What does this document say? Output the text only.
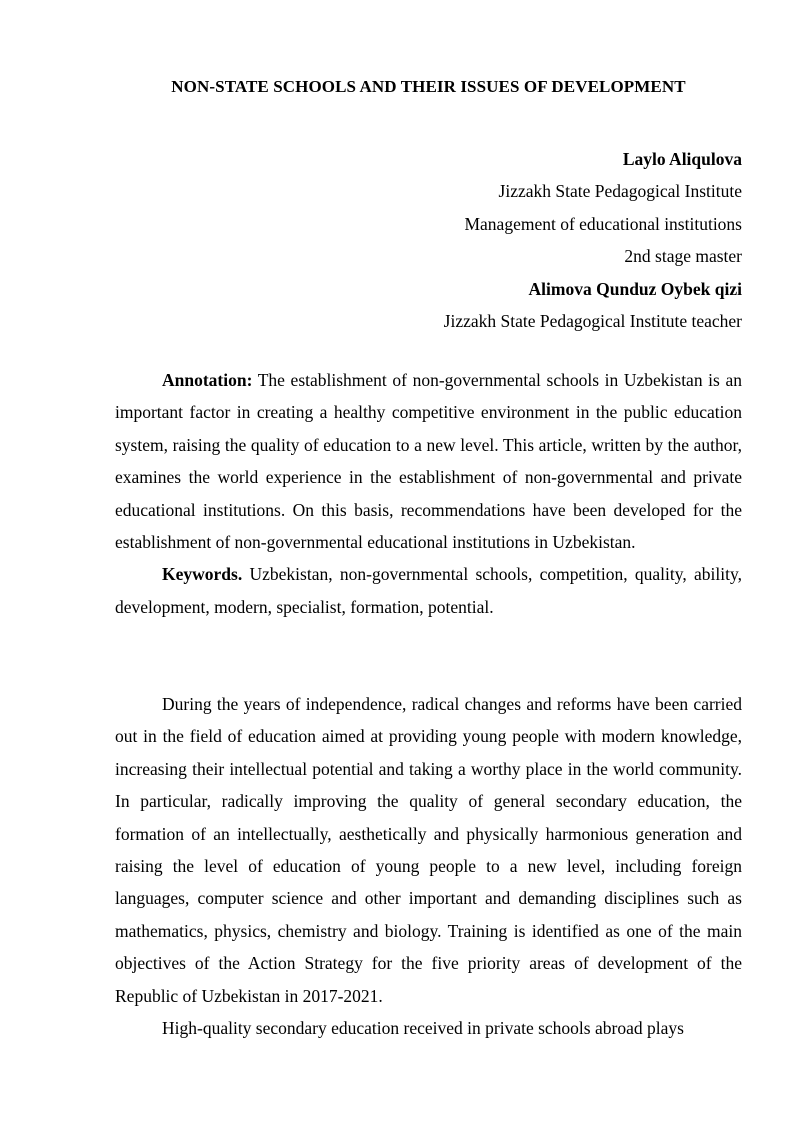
NON-STATE SCHOOLS AND THEIR ISSUES OF DEVELOPMENT
Laylo Aliqulova
Jizzakh State Pedagogical Institute
Management of educational institutions
2nd stage master
Alimova Qunduz Oybek qizi
Jizzakh State Pedagogical Institute teacher

Annotation: The establishment of non-governmental schools in Uzbekistan is an important factor in creating a healthy competitive environment in the public education system, raising the quality of education to a new level. This article, written by the author, examines the world experience in the establishment of non-governmental and private educational institutions. On this basis, recommendations have been developed for the establishment of non-governmental educational institutions in Uzbekistan.

Keywords. Uzbekistan, non-governmental schools, competition, quality, ability, development, modern, specialist, formation, potential.

During the years of independence, radical changes and reforms have been carried out in the field of education aimed at providing young people with modern knowledge, increasing their intellectual potential and taking a worthy place in the world community. In particular, radically improving the quality of general secondary education, the formation of an intellectually, aesthetically and physically harmonious generation and raising the level of education of young people to a new level, including foreign languages, computer science and other important and demanding disciplines such as mathematics, physics, chemistry and biology. Training is identified as one of the main objectives of the Action Strategy for the five priority areas of development of the Republic of Uzbekistan in 2017-2021.

High-quality secondary education received in private schools abroad plays
